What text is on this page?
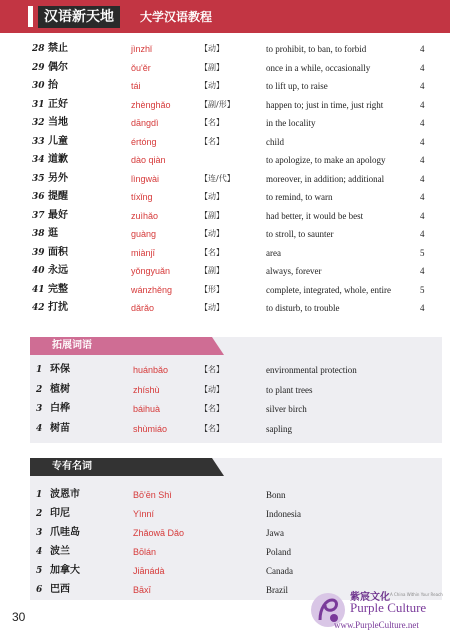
汉语新天地	大学汉语教程
28 禁止	jìnzhǐ	【动】	to prohibit, to ban, to forbid	4
29 偶尔	ǒu'ěr	【副】	once in a while, occasionally	4
30 抬	tái	【动】	to lift up, to raise	4
31 正好	zhènghǎo	【副/形】	happen to; just in time, just right	4
32 当地	dāngdì	【名】	in the locality	4
33 儿童	értóng	【名】	child	4
34 道歉	dào qiàn	to apologize, to make an apology	4
35 另外	lìngwài	【连/代】	moreover, in addition; additional	4
36 提醒	tíxǐng	【动】	to remind, to warn	4
37 最好	zuìhǎo	【副】	had better, it would be best	4
38 逛	guàng	【动】	to stroll, to saunter	4
39 面积	miànjī	【名】	area	5
40 永远	yǒngyuǎn	【副】	always, forever	4
41 完整	wánzhěng	【形】	complete, integrated, whole, entire	5
42 打扰	dǎrǎo	【动】	to disturb, to trouble	4
拓展词语
1 环保	huánbǎo	【名】	environmental protection
2 植树	zhíshù	【动】	to plant trees
3 白桦	báihuà	【名】	silver birch
4 树苗	shùmiáo	【名】	sapling
专有名词
1 波恩市	Bō'ēn Shì	Bonn
2 印尼	Yìnní	Indonesia
3 爪哇岛	Zhǎowā Dǎo	Jawa
4 波兰	Bōlán	Poland
5 加拿大	Jiānádà	Canada
6 巴西	Bāxī	Brazil
30
紫宸文化 A China Within Your Reach
Purple Culture
www.PurpleCulture.net
